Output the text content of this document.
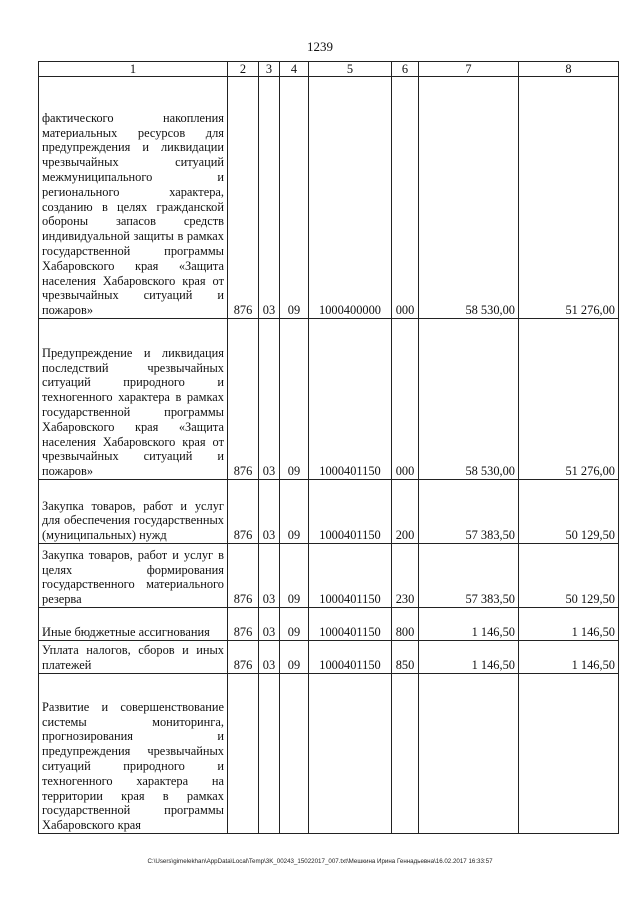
1239
1	2	3	4	5	6	7	8

фактического накопления материальных ресурсов для предупреждения и ликвидации чрезвычайных ситуаций межмуниципального и регионального характера, созданию в целях гражданской обороны запасов средств индивидуальной защиты в рамках государственной программы Хабаровского края «Защита населения Хабаровского края от чрезвычайных ситуаций и пожаров»	876	03	09	1000400000	000	58 530,00	51 276,00

Предупреждение и ликвидация последствий чрезвычайных ситуаций природного и техногенного характера в рамках государственной программы Хабаровского края «Защита населения Хабаровского края от чрезвычайных ситуаций и пожаров»	876	03	09	1000401150	000	58 530,00	51 276,00

Закупка товаров, работ и услуг для обеспечения государственных (муниципальных) нужд	876	03	09	1000401150	200	57 383,50	50 129,50

Закупка товаров, работ и услуг в целях формирования государственного материального резерва	876	03	09	1000401150	230	57 383,50	50 129,50

Иные бюджетные ассигнования	876	03	09	1000401150	800	1 146,50	1 146,50

Уплата налогов, сборов и иных платежей	876	03	09	1000401150	850	1 146,50	1 146,50

Развитие и совершенствование системы мониторинга, прогнозирования и предупреждения чрезвычайных ситуаций природного и техногенного характера на территории края в рамках государственной программы Хабаровского края							

C:\Users\gimelekhan\AppData\Local\Temp\3K_00243_15022017_007.txt\Мешкина Ирина Геннадьевна\16.02.2017 16:33:57
